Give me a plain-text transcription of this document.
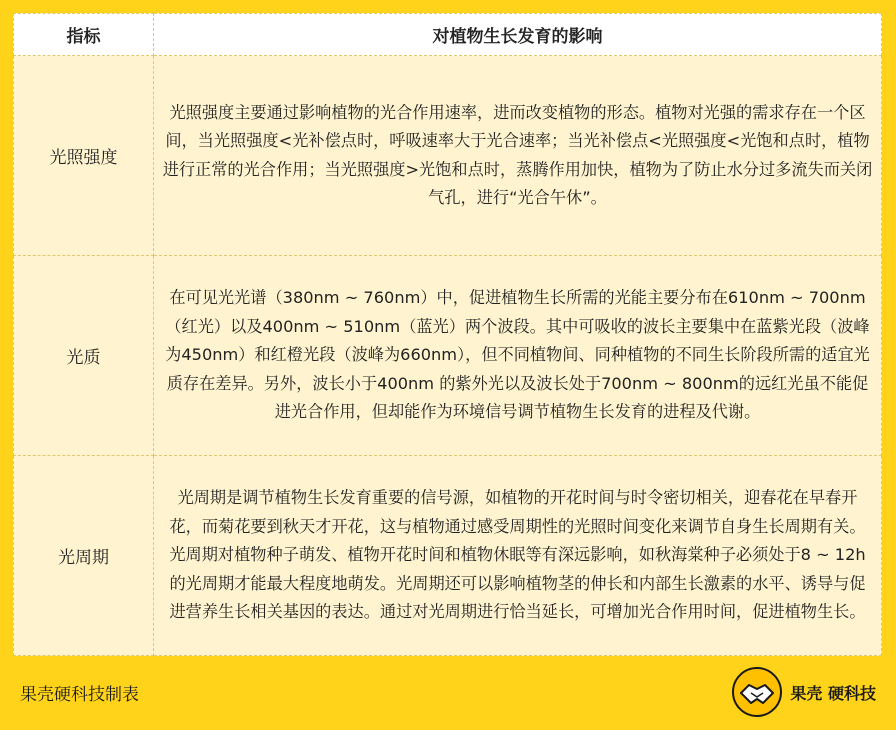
指标	对植物生长发育的影响
光照强度	光照强度主要通过影响植物的光合作用速率，进而改变植物的形态。植物对光强的需求存在一个区间，当光照强度<光补偿点时，呼吸速率大于光合速率；当光补偿点<光照强度<光饱和点时，植物进行正常的光合作用；当光照强度>光饱和点时，蒸腾作用加快，植物为了防止水分过多流失而关闭气孔，进行“光合午休”。
光质	在可见光光谱（380nm ~ 760nm）中，促进植物生长所需的光能主要分布在610nm ~ 700nm（红光）以及400nm ~ 510nm（蓝光）两个波段。其中可吸收的波长主要集中在蓝紫光段（波峰为450nm）和红橙光段（波峰为660nm），但不同植物间、同种植物的不同生长阶段所需的适宜光质存在差异。另外，波长小于400nm 的紫外光以及波长处于700nm ~ 800nm的远红光虽不能促进光合作用，但却能作为环境信号调节植物生长发育的进程及代谢。
光周期	光周期是调节植物生长发育重要的信号源，如植物的开花时间与时令密切相关，迎春花在早春开花，而菊花要到秋天才开花，这与植物通过感受周期性的光照时间变化来调节自身生长周期有关。光周期对植物种子萌发、植物开花时间和植物休眠等有深远影响，如秋海棠种子必须处于8 ~ 12h的光周期才能最大程度地萌发。光周期还可以影响植物茎的伸长和内部生长激素的水平、诱导与促进营养生长相关基因的表达。通过对光周期进行恰当延长，可增加光合作用时间，促进植物生长。
果壳硬科技制表	果壳 硬科技
